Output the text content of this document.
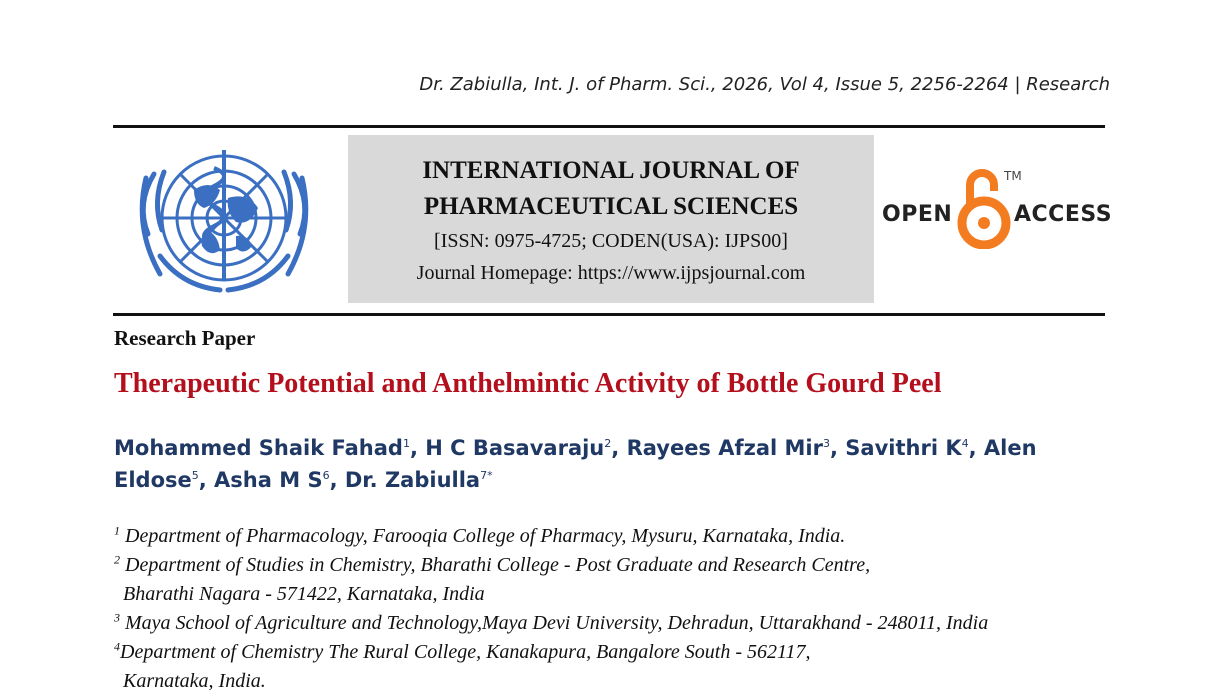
Dr. Zabiulla, Int. J. of Pharm. Sci., 2026, Vol 4, Issue 5, 2256-2264 | Research
INTERNATIONAL JOURNAL OF
PHARMACEUTICAL SCIENCES
[ISSN: 0975-4725; CODEN(USA): IJPS00]
Journal Homepage: https://www.ijpsjournal.com
OPEN
TM
ACCESS
Research Paper
Therapeutic Potential and Anthelmintic Activity of Bottle Gourd Peel
Mohammed Shaik Fahad$^1$, H C Basavaraju$^2$, Rayees Afzal Mir$^3$, Savithri $K^4$, Alen Eldose$^5$, Asha M $S^6$, Dr. Zabiulla$^{7*}$
$^1$ Department of Pharmacology, Farooqia College of Pharmacy, Mysuru, Karnataka, India.
$^2$ Department of Studies in Chemistry, Bharathi College - Post Graduate and Research Centre,
Bharathi Nagara - 571422, Karnataka, India
$^3$ Maya School of Agriculture and Technology,Maya Devi University, Dehradun, Uttarakhand - 248011, India
$^4$Department of Chemistry The Rural College, Kanakapura, Bangalore South - 562117,
Karnataka, India.
